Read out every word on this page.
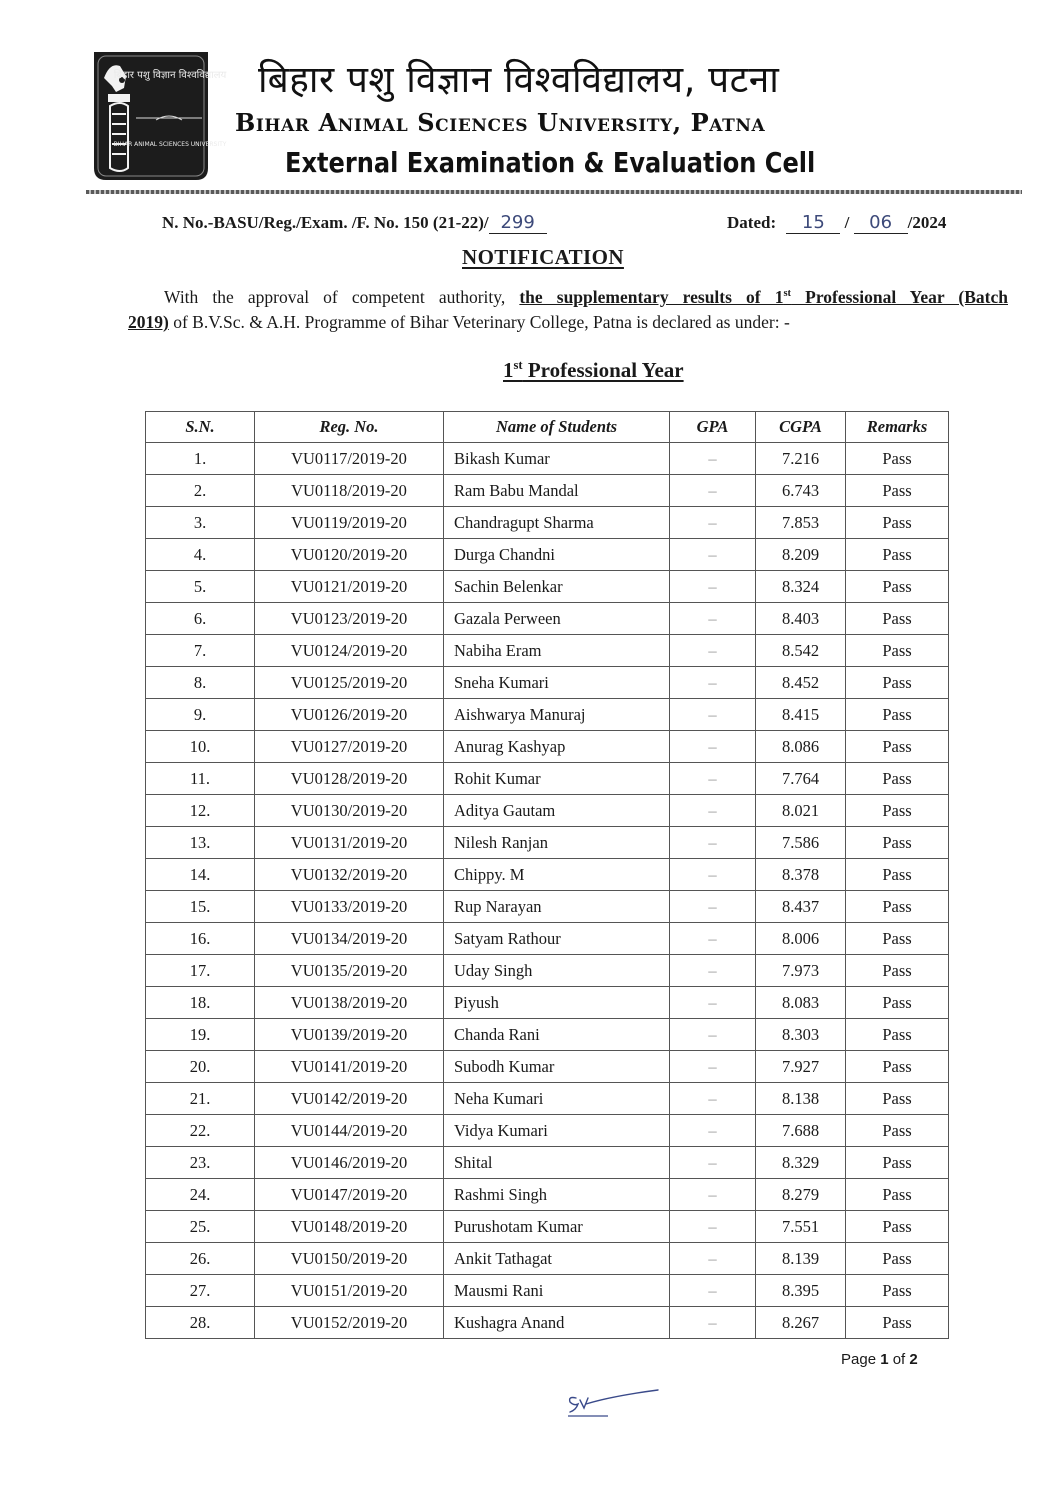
बिहार पशु विज्ञान विश्वविद्यालय
BIHAR ANIMAL SCIENCES UNIVERSITY
बिहार पशु विज्ञान विश्वविद्यालय, पटना
Bihar Animal Sciences University, Patna
External Examination & Evaluation Cell
N. No.-BASU/Reg./Exam. /F. No. 150 (21-22)/ 299	Dated: 15 / 06 /2024
NOTIFICATION
With the approval of competent authority, the supplementary results of 1st Professional Year (Batch
2019) of B.V.Sc. & A.H. Programme of Bihar Veterinary College, Patna is declared as under: -
1st Professional Year
S.N.	Reg. No.	Name of Students	GPA	CGPA	Remarks
1.	VU0117/2019-20	Bikash Kumar	–	7.216	Pass
2.	VU0118/2019-20	Ram Babu Mandal	–	6.743	Pass
3.	VU0119/2019-20	Chandragupt Sharma	–	7.853	Pass
4.	VU0120/2019-20	Durga Chandni	–	8.209	Pass
5.	VU0121/2019-20	Sachin Belenkar	–	8.324	Pass
6.	VU0123/2019-20	Gazala Perween	–	8.403	Pass
7.	VU0124/2019-20	Nabiha Eram	–	8.542	Pass
8.	VU0125/2019-20	Sneha Kumari	–	8.452	Pass
9.	VU0126/2019-20	Aishwarya Manuraj	–	8.415	Pass
10.	VU0127/2019-20	Anurag Kashyap	–	8.086	Pass
11.	VU0128/2019-20	Rohit Kumar	–	7.764	Pass
12.	VU0130/2019-20	Aditya Gautam	–	8.021	Pass
13.	VU0131/2019-20	Nilesh Ranjan	–	7.586	Pass
14.	VU0132/2019-20	Chippy. M	–	8.378	Pass
15.	VU0133/2019-20	Rup Narayan	–	8.437	Pass
16.	VU0134/2019-20	Satyam Rathour	–	8.006	Pass
17.	VU0135/2019-20	Uday Singh	–	7.973	Pass
18.	VU0138/2019-20	Piyush	–	8.083	Pass
19.	VU0139/2019-20	Chanda Rani	–	8.303	Pass
20.	VU0141/2019-20	Subodh Kumar	–	7.927	Pass
21.	VU0142/2019-20	Neha Kumari	–	8.138	Pass
22.	VU0144/2019-20	Vidya Kumari	–	7.688	Pass
23.	VU0146/2019-20	Shital	–	8.329	Pass
24.	VU0147/2019-20	Rashmi Singh	–	8.279	Pass
25.	VU0148/2019-20	Purushotam Kumar	–	7.551	Pass
26.	VU0150/2019-20	Ankit Tathagat	–	8.139	Pass
27.	VU0151/2019-20	Mausmi Rani	–	8.395	Pass
28.	VU0152/2019-20	Kushagra Anand	–	8.267	Pass
Page 1 of 2
